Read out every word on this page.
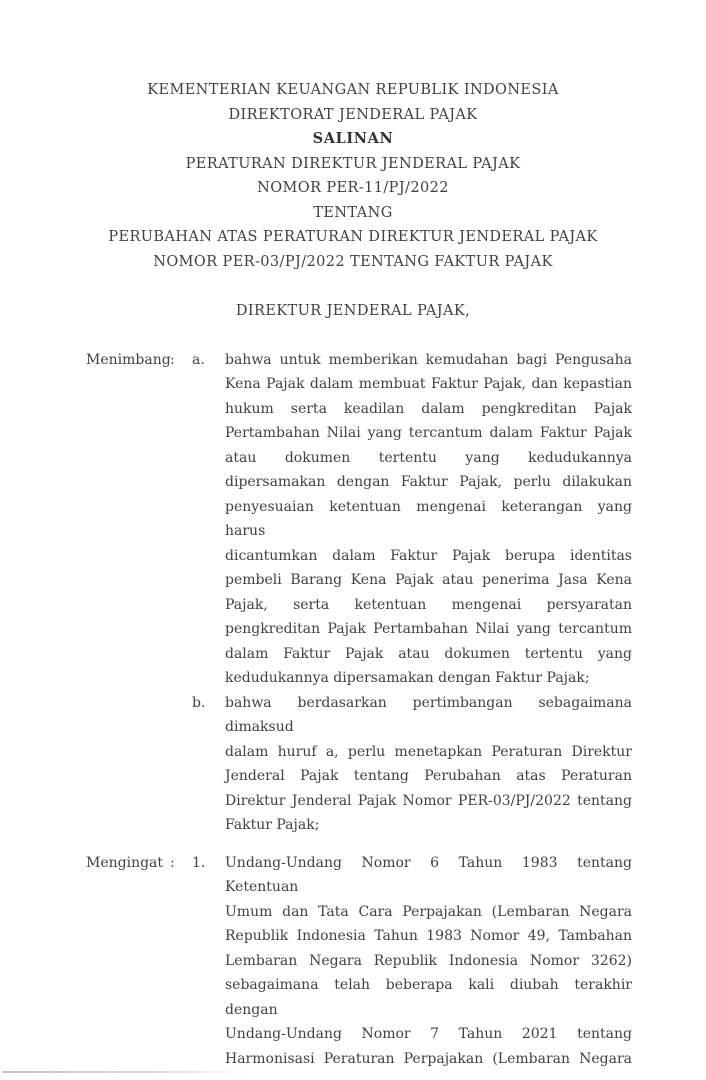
KEMENTERIAN KEUANGAN REPUBLIK INDONESIA
DIREKTORAT JENDERAL PAJAK
SALINAN
PERATURAN DIREKTUR JENDERAL PAJAK
NOMOR PER-11/PJ/2022
TENTANG
PERUBAHAN ATAS PERATURAN DIREKTUR JENDERAL PAJAK
NOMOR PER-03/PJ/2022 TENTANG FAKTUR PAJAK
DIREKTUR JENDERAL PAJAK,
Menimbang :	a.	bahwa untuk memberikan kemudahan bagi Pengusaha
Kena Pajak dalam membuat Faktur Pajak, dan kepastian
hukum serta keadilan dalam pengkreditan Pajak
Pertambahan Nilai yang tercantum dalam Faktur Pajak
atau dokumen tertentu yang kedudukannya
dipersamakan dengan Faktur Pajak, perlu dilakukan
penyesuaian ketentuan mengenai keterangan yang harus
dicantumkan dalam Faktur Pajak berupa identitas
pembeli Barang Kena Pajak atau penerima Jasa Kena
Pajak, serta ketentuan mengenai persyaratan
pengkreditan Pajak Pertambahan Nilai yang tercantum
dalam Faktur Pajak atau dokumen tertentu yang
kedudukannya dipersamakan dengan Faktur Pajak;
b.	bahwa berdasarkan pertimbangan sebagaimana dimaksud
dalam huruf a, perlu menetapkan Peraturan Direktur
Jenderal Pajak tentang Perubahan atas Peraturan
Direktur Jenderal Pajak Nomor PER-03/PJ/2022 tentang
Faktur Pajak;
Mengingat :	1.	Undang-Undang Nomor 6 Tahun 1983 tentang Ketentuan
Umum dan Tata Cara Perpajakan (Lembaran Negara
Republik Indonesia Tahun 1983 Nomor 49, Tambahan
Lembaran Negara Republik Indonesia Nomor 3262)
sebagaimana telah beberapa kali diubah terakhir dengan
Undang-Undang Nomor 7 Tahun 2021 tentang
Harmonisasi Peraturan Perpajakan (Lembaran Negara
